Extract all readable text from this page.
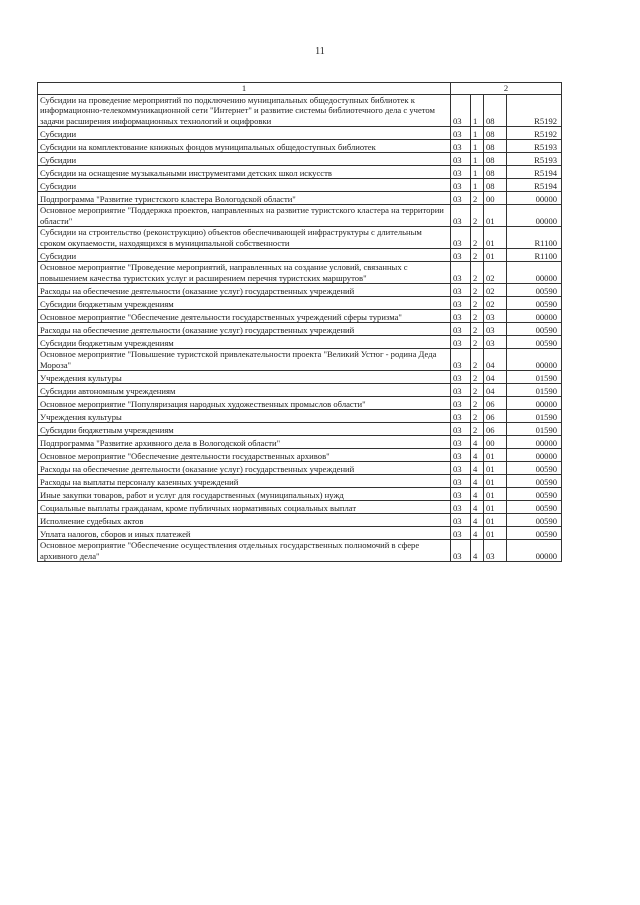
11
1	2			
Субсидии на проведение мероприятий по подключению муниципальных общедоступных библиотек к информационно-телекоммуникационной сети "Интернет" и развитие системы библиотечного дела с учетом задачи расширения информационных технологий и оцифровки	03	1	08	R5192
Субсидии	03	1	08	R5192
Субсидии на комплектование книжных фондов муниципальных общедоступных библиотек	03	1	08	R5193
Субсидии	03	1	08	R5193
Субсидии на оснащение музыкальными инструментами детских школ искусств	03	1	08	R5194
Субсидии	03	1	08	R5194
Подпрограмма "Развитие туристского кластера Вологодской области"	03	2	00	00000
Основное мероприятие "Поддержка проектов, направленных на развитие туристского кластера на территории области"	03	2	01	00000
Субсидии на строительство (реконструкцию) объектов обеспечивающей инфраструктуры с длительным сроком окупаемости, находящихся в муниципальной собственности	03	2	01	R1100
Субсидии	03	2	01	R1100
Основное мероприятие "Проведение мероприятий, направленных на создание условий, связанных с повышением качества туристских услуг и расширением перечня туристских маршрутов"	03	2	02	00000
Расходы на обеспечение деятельности (оказание услуг) государственных учреждений	03	2	02	00590
Субсидии бюджетным учреждениям	03	2	02	00590
Основное мероприятие "Обеспечение деятельности государственных учреждений сферы туризма"	03	2	03	00000
Расходы на обеспечение деятельности (оказание услуг) государственных учреждений	03	2	03	00590
Субсидии бюджетным учреждениям	03	2	03	00590
Основное мероприятие "Повышение туристской привлекательности проекта "Великий Устюг - родина Деда Мороза"	03	2	04	00000
Учреждения культуры	03	2	04	01590
Субсидии автономным учреждениям	03	2	04	01590
Основное мероприятие "Популяризация народных художественных промыслов области"	03	2	06	00000
Учреждения культуры	03	2	06	01590
Субсидии бюджетным учреждениям	03	2	06	01590
Подпрограмма "Развитие архивного дела в Вологодской области"	03	4	00	00000
Основное мероприятие "Обеспечение деятельности государственных архивов"	03	4	01	00000
Расходы на обеспечение деятельности (оказание услуг) государственных учреждений	03	4	01	00590
Расходы на выплаты персоналу казенных учреждений	03	4	01	00590
Иные закупки товаров, работ и услуг для государственных (муниципальных) нужд	03	4	01	00590
Социальные выплаты гражданам, кроме публичных нормативных социальных выплат	03	4	01	00590
Исполнение судебных актов	03	4	01	00590
Уплата налогов, сборов и иных платежей	03	4	01	00590
Основное мероприятие "Обеспечение осуществления отдельных государственных полномочий в сфере архивного дела"	03	4	03	00000
